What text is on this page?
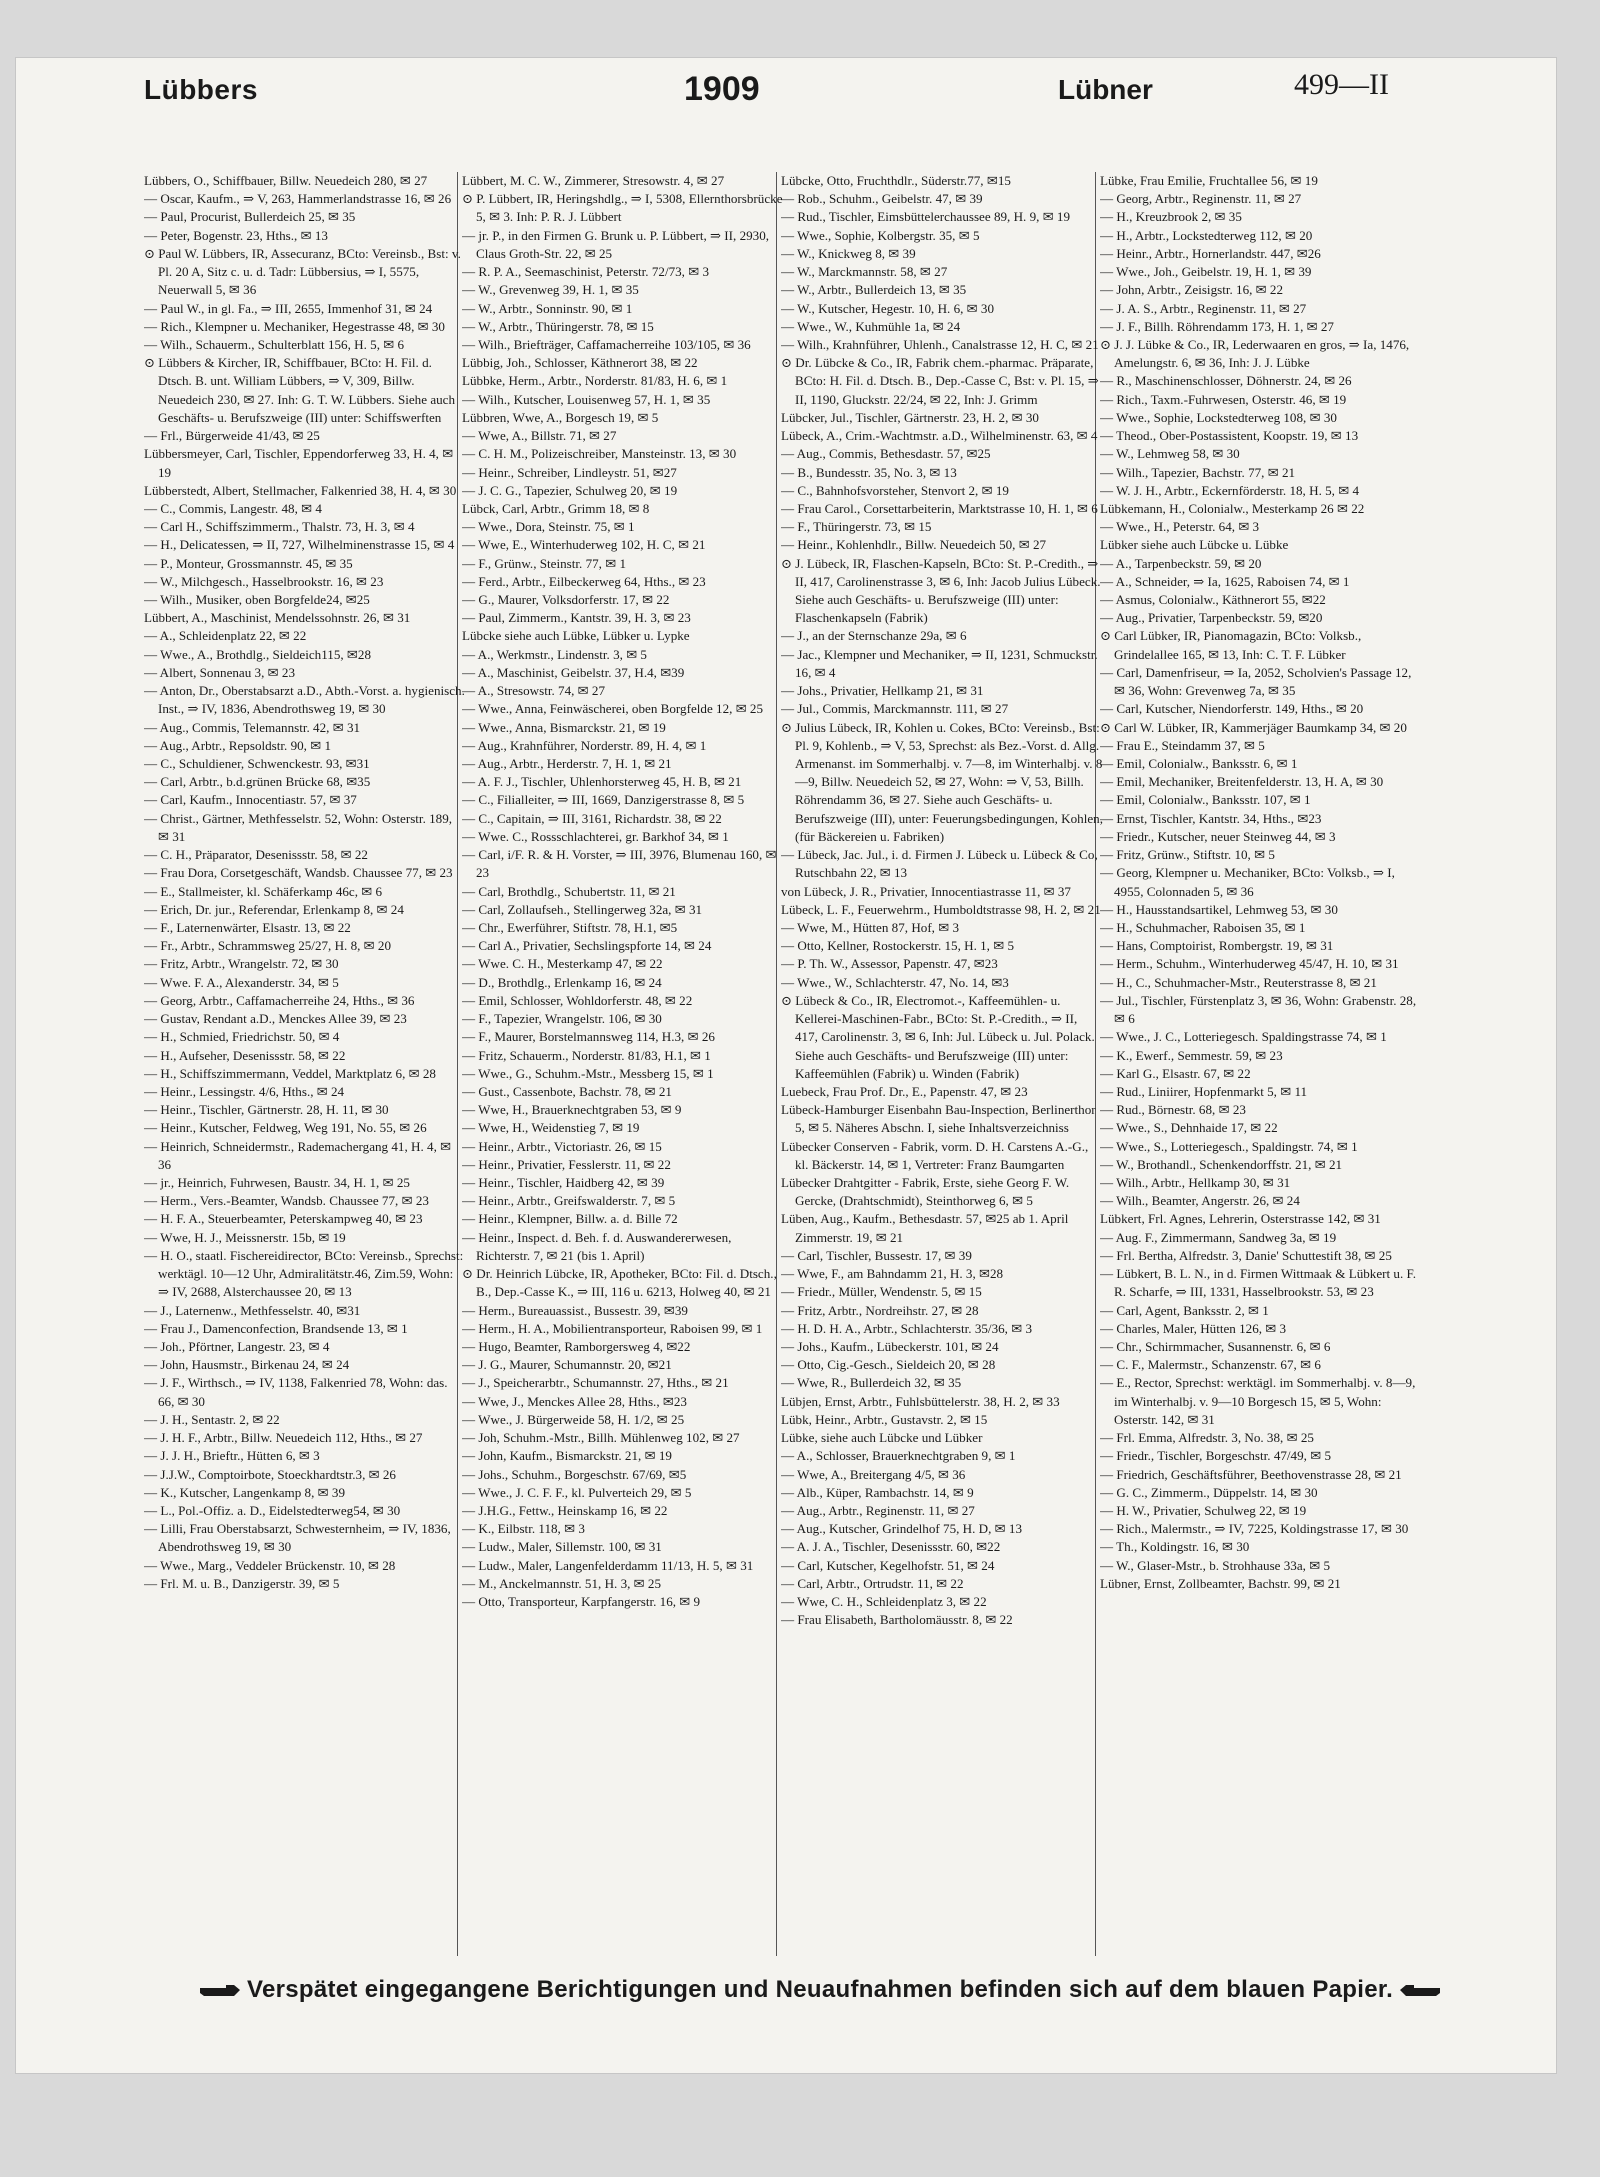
Lübbers	1909	Lübner	499—II

Lübbers, O., Schiffbauer, Billw. Neuedeich 280, ✉ 27

— Oscar, Kaufm., ⇒ V, 263, Hammerlandstrasse 16, ✉ 26

— Paul, Procurist, Bullerdeich 25, ✉ 35

— Peter, Bogenstr. 23, Hths., ✉ 13

⊙ Paul W. Lübbers, IR, Assecuranz, BCto: Vereinsb., Bst: v. Pl. 20 A, Sitz c. u. d. Tadr: Lübbersius, ⇒ I, 5575, Neuerwall 5, ✉ 36

— Paul W., in gl. Fa., ⇒ III, 2655, Immenhof 31, ✉ 24

— Rich., Klempner u. Mechaniker, Hegestrasse 48, ✉ 30

— Wilh., Schauerm., Schulterblatt 156, H. 5, ✉ 6

⊙ Lübbers & Kircher, IR, Schiffbauer, BCto: H. Fil. d. Dtsch. B. unt. William Lübbers, ⇒ V, 309, Billw. Neuedeich 230, ✉ 27. Inh: G. T. W. Lübbers. Siehe auch Geschäfts- u. Berufszweige (III) unter: Schiffswerften

— Frl., Bürgerweide 41/43, ✉ 25

Lübbersmeyer, Carl, Tischler, Eppendorferweg 33, H. 4, ✉ 19

Lübberstedt, Albert, Stellmacher, Falkenried 38, H. 4, ✉ 30

— C., Commis, Langestr. 48, ✉ 4

— Carl H., Schiffszimmerm., Thalstr. 73, H. 3, ✉ 4

— H., Delicatessen, ⇒ II, 727, Wilhelminenstrasse 15, ✉ 4

— P., Monteur, Grossmannstr. 45, ✉ 35

— W., Milchgesch., Hasselbrookstr. 16, ✉ 23

— Wilh., Musiker, oben Borgfelde24, ✉25

Lübbert, A., Maschinist, Mendelssohnstr. 26, ✉ 31

— A., Schleidenplatz 22, ✉ 22

— Wwe., A., Brothdlg., Sieldeich115, ✉28

— Albert, Sonnenau 3, ✉ 23

— Anton, Dr., Oberstabsarzt a.D., Abth.-Vorst. a. hygienisch. Inst., ⇒ IV, 1836, Abendrothsweg 19, ✉ 30

— Aug., Commis, Telemannstr. 42, ✉ 31

— Aug., Arbtr., Repsoldstr. 90, ✉ 1

— C., Schuldiener, Schwenckestr. 93, ✉31

— Carl, Arbtr., b.d.grünen Brücke 68, ✉35

— Carl, Kaufm., Innocentiastr. 57, ✉ 37

— Christ., Gärtner, Methfesselstr. 52, Wohn: Osterstr. 189, ✉ 31

— C. H., Präparator, Desenissstr. 58, ✉ 22

— Frau Dora, Corsetgeschäft, Wandsb. Chaussee 77, ✉ 23

— E., Stallmeister, kl. Schäferkamp 46c, ✉ 6

— Erich, Dr. jur., Referendar, Erlenkamp 8, ✉ 24

— F., Laternenwärter, Elsastr. 13, ✉ 22

— Fr., Arbtr., Schrammsweg 25/27, H. 8, ✉ 20

— Fritz, Arbtr., Wrangelstr. 72, ✉ 30

— Wwe. F. A., Alexanderstr. 34, ✉ 5

— Georg, Arbtr., Caffamacherreihe 24, Hths., ✉ 36

— Gustav, Rendant a.D., Menckes Allee 39, ✉ 23

— H., Schmied, Friedrichstr. 50, ✉ 4

— H., Aufseher, Desenissstr. 58, ✉ 22

— H., Schiffszimmermann, Veddel, Marktplatz 6, ✉ 28

— Heinr., Lessingstr. 4/6, Hths., ✉ 24

— Heinr., Tischler, Gärtnerstr. 28, H. 11, ✉ 30

— Heinr., Kutscher, Feldweg, Weg 191, No. 55, ✉ 26

— Heinrich, Schneidermstr., Rademachergang 41, H. 4, ✉ 36

— jr., Heinrich, Fuhrwesen, Baustr. 34, H. 1, ✉ 25

— Herm., Vers.-Beamter, Wandsb. Chaussee 77, ✉ 23

— H. F. A., Steuerbeamter, Peterskampweg 40, ✉ 23

— Wwe, H. J., Meissnerstr. 15b, ✉ 19

— H. O., staatl. Fischereidirector, BCto: Vereinsb., Sprechst: werktägl. 10—12 Uhr, Admiralitätstr.46, Zim.59, Wohn: ⇒ IV, 2688, Alsterchaussee 20, ✉ 13

— J., Laternenw., Methfesselstr. 40, ✉31

— Frau J., Damenconfection, Brandsende 13, ✉ 1

— Joh., Pförtner, Langestr. 23, ✉ 4

— John, Hausmstr., Birkenau 24, ✉ 24

— J. F., Wirthsch., ⇒ IV, 1138, Falkenried 78, Wohn: das. 66, ✉ 30

— J. H., Sentastr. 2, ✉ 22

— J. H. F., Arbtr., Billw. Neuedeich 112, Hths., ✉ 27

— J. J. H., Brieftr., Hütten 6, ✉ 3

— J.J.W., Comptoirbote, Stoeckhardtstr.3, ✉ 26

— K., Kutscher, Langenkamp 8, ✉ 39

— L., Pol.-Offiz. a. D., Eidelstedterweg54, ✉ 30

— Lilli, Frau Oberstabsarzt, Schwesternheim, ⇒ IV, 1836, Abendrothsweg 19, ✉ 30

— Wwe., Marg., Veddeler Brückenstr. 10, ✉ 28

— Frl. M. u. B., Danzigerstr. 39, ✉ 5

Lübbert, M. C. W., Zimmerer, Stresowstr. 4, ✉ 27

⊙ P. Lübbert, IR, Heringshdlg., ⇒ I, 5308, Ellernthorsbrücke 5, ✉ 3. Inh: P. R. J. Lübbert

— jr. P., in den Firmen G. Brunk u. P. Lübbert, ⇒ II, 2930, Claus Groth-Str. 22, ✉ 25

— R. P. A., Seemaschinist, Peterstr. 72/73, ✉ 3

— W., Grevenweg 39, H. 1, ✉ 35

— W., Arbtr., Sonninstr. 90, ✉ 1

— W., Arbtr., Thüringerstr. 78, ✉ 15

— Wilh., Briefträger, Caffamacherreihe 103/105, ✉ 36

Lübbig, Joh., Schlosser, Käthnerort 38, ✉ 22

Lübbke, Herm., Arbtr., Norderstr. 81/83, H. 6, ✉ 1

— Wilh., Kutscher, Louisenweg 57, H. 1, ✉ 35

Lübbren, Wwe, A., Borgesch 19, ✉ 5

— Wwe, A., Billstr. 71, ✉ 27

— C. H. M., Polizeischreiber, Mansteinstr. 13, ✉ 30

— Heinr., Schreiber, Lindleystr. 51, ✉27

— J. C. G., Tapezier, Schulweg 20, ✉ 19

Lübck, Carl, Arbtr., Grimm 18, ✉ 8

— Wwe., Dora, Steinstr. 75, ✉ 1

— Wwe, E., Winterhuderweg 102, H. C, ✉ 21

— F., Grünw., Steinstr. 77, ✉ 1

— Ferd., Arbtr., Eilbeckerweg 64, Hths., ✉ 23

— G., Maurer, Volksdorferstr. 17, ✉ 22

— Paul, Zimmerm., Kantstr. 39, H. 3, ✉ 23

Lübcke siehe auch Lübke, Lübker u. Lypke

— A., Werkmstr., Lindenstr. 3, ✉ 5

— A., Maschinist, Geibelstr. 37, H.4, ✉39

— A., Stresowstr. 74, ✉ 27

— Wwe., Anna, Feinwäscherei, oben Borgfelde 12, ✉ 25

— Wwe., Anna, Bismarckstr. 21, ✉ 19

— Aug., Krahnführer, Norderstr. 89, H. 4, ✉ 1

— Aug., Arbtr., Herderstr. 7, H. 1, ✉ 21

— A. F. J., Tischler, Uhlenhorsterweg 45, H. B, ✉ 21

— C., Filialleiter, ⇒ III, 1669, Danzigerstrasse 8, ✉ 5

— C., Capitain, ⇒ III, 3161, Richardstr. 38, ✉ 22

— Wwe. C., Rossschlachterei, gr. Barkhof 34, ✉ 1

— Carl, i/F. R. & H. Vorster, ⇒ III, 3976, Blumenau 160, ✉ 23

— Carl, Brothdlg., Schubertstr. 11, ✉ 21

— Carl, Zollaufseh., Stellingerweg 32a, ✉ 31

— Chr., Ewerführer, Stiftstr. 78, H.1, ✉5

— Carl A., Privatier, Sechslingspforte 14, ✉ 24

— Wwe. C. H., Mesterkamp 47, ✉ 22

— D., Brothdlg., Erlenkamp 16, ✉ 24

— Emil, Schlosser, Wohldorferstr. 48, ✉ 22

— F., Tapezier, Wrangelstr. 106, ✉ 30

— F., Maurer, Borstelmannsweg 114, H.3, ✉ 26

— Fritz, Schauerm., Norderstr. 81/83, H.1, ✉ 1

— Wwe., G., Schuhm.-Mstr., Messberg 15, ✉ 1

— Gust., Cassenbote, Bachstr. 78, ✉ 21

— Wwe, H., Brauerknechtgraben 53, ✉ 9

— Wwe, H., Weidenstieg 7, ✉ 19

— Heinr., Arbtr., Victoriastr. 26, ✉ 15

— Heinr., Privatier, Fesslerstr. 11, ✉ 22

— Heinr., Tischler, Haidberg 42, ✉ 39

— Heinr., Arbtr., Greifswalderstr. 7, ✉ 5

— Heinr., Klempner, Billw. a. d. Bille 72

— Heinr., Inspect. d. Beh. f. d. Auswandererwesen, Richterstr. 7, ✉ 21 (bis 1. April)

⊙ Dr. Heinrich Lübcke, IR, Apotheker, BCto: Fil. d. Dtsch., B., Dep.-Casse K., ⇒ III, 116 u. 6213, Holweg 40, ✉ 21

— Herm., Bureauassist., Bussestr. 39, ✉39

— Herm., H. A., Mobilientransporteur, Raboisen 99, ✉ 1

— Hugo, Beamter, Ramborgersweg 4, ✉22

— J. G., Maurer, Schumannstr. 20, ✉21

— J., Speicherarbtr., Schumannstr. 27, Hths., ✉ 21

— Wwe, J., Menckes Allee 28, Hths., ✉23

— Wwe., J. Bürgerweide 58, H. 1/2, ✉ 25

— Joh, Schuhm.-Mstr., Billh. Mühlenweg 102, ✉ 27

— John, Kaufm., Bismarckstr. 21, ✉ 19

— Johs., Schuhm., Borgeschstr. 67/69, ✉5

— Wwe., J. C. F. F., kl. Pulverteich 29, ✉ 5

— J.H.G., Fettw., Heinskamp 16, ✉ 22

— K., Eilbstr. 118, ✉ 3

— Ludw., Maler, Sillemstr. 100, ✉ 31

— Ludw., Maler, Langenfelderdamm 11/13, H. 5, ✉ 31

— M., Anckelmannstr. 51, H. 3, ✉ 25

— Otto, Transporteur, Karpfangerstr. 16, ✉ 9

Lübcke, Otto, Fruchthdlr., Süderstr.77, ✉15

— Rob., Schuhm., Geibelstr. 47, ✉ 39

— Rud., Tischler, Eimsbüttelerchaussee 89, H. 9, ✉ 19

— Wwe., Sophie, Kolbergstr. 35, ✉ 5

— W., Knickweg 8, ✉ 39

— W., Marckmannstr. 58, ✉ 27

— W., Arbtr., Bullerdeich 13, ✉ 35

— W., Kutscher, Hegestr. 10, H. 6, ✉ 30

— Wwe., W., Kuhmühle 1a, ✉ 24

— Wilh., Krahnführer, Uhlenh., Canalstrasse 12, H. C, ✉ 21

⊙ Dr. Lübcke & Co., IR, Fabrik chem.-pharmac. Präparate, BCto: H. Fil. d. Dtsch. B., Dep.-Casse C, Bst: v. Pl. 15, ⇒ II, 1190, Gluckstr. 22/24, ✉ 22, Inh: J. Grimm

Lübcker, Jul., Tischler, Gärtnerstr. 23, H. 2, ✉ 30

Lübeck, A., Crim.-Wachtmstr. a.D., Wilhelminenstr. 63, ✉ 4

— Aug., Commis, Bethesdastr. 57, ✉25

— B., Bundesstr. 35, No. 3, ✉ 13

— C., Bahnhofsvorsteher, Stenvort 2, ✉ 19

— Frau Carol., Corsettarbeiterin, Marktstrasse 10, H. 1, ✉ 6

— F., Thüringerstr. 73, ✉ 15

— Heinr., Kohlenhdlr., Billw. Neuedeich 50, ✉ 27

⊙ J. Lübeck, IR, Flaschen-Kapseln, BCto: St. P.-Credith., ⇒ II, 417, Carolinenstrasse 3, ✉ 6, Inh: Jacob Julius Lübeck. Siehe auch Geschäfts- u. Berufszweige (III) unter: Flaschenkapseln (Fabrik)

— J., an der Sternschanze 29a, ✉ 6

— Jac., Klempner und Mechaniker, ⇒ II, 1231, Schmuckstr. 16, ✉ 4

— Johs., Privatier, Hellkamp 21, ✉ 31

— Jul., Commis, Marckmannstr. 111, ✉ 27

⊙ Julius Lübeck, IR, Kohlen u. Cokes, BCto: Vereinsb., Bst: Pl. 9, Kohlenb., ⇒ V, 53, Sprechst: als Bez.-Vorst. d. Allg. Armenanst. im Sommerhalbj. v. 7—8, im Winterhalbj. v. 8—9, Billw. Neuedeich 52, ✉ 27, Wohn: ⇒ V, 53, Billh. Röhrendamm 36, ✉ 27. Siehe auch Geschäfts- u. Berufszweige (III), unter: Feuerungsbedingungen, Kohlen, (für Bäckereien u. Fabriken)

— Lübeck, Jac. Jul., i. d. Firmen J. Lübeck u. Lübeck & Co, Rutschbahn 22, ✉ 13

von Lübeck, J. R., Privatier, Innocentiastrasse 11, ✉ 37

Lübeck, L. F., Feuerwehrm., Humboldtstrasse 98, H. 2, ✉ 21

— Wwe, M., Hütten 87, Hof, ✉ 3

— Otto, Kellner, Rostockerstr. 15, H. 1, ✉ 5

— P. Th. W., Assessor, Papenstr. 47, ✉23

— Wwe., W., Schlachterstr. 47, No. 14, ✉3

⊙ Lübeck & Co., IR, Electromot.-, Kaffeemühlen- u. Kellerei-Maschinen-Fabr., BCto: St. P.-Credith., ⇒ II, 417, Carolinenstr. 3, ✉ 6, Inh: Jul. Lübeck u. Jul. Polack. Siehe auch Geschäfts- und Berufszweige (III) unter: Kaffeemühlen (Fabrik) u. Winden (Fabrik)

Luebeck, Frau Prof. Dr., E., Papenstr. 47, ✉ 23

Lübeck-Hamburger Eisenbahn Bau-Inspection, Berlinerthor 5, ✉ 5. Näheres Abschn. I, siehe Inhaltsverzeichniss

Lübecker Conserven - Fabrik, vorm. D. H. Carstens A.-G., kl. Bäckerstr. 14, ✉ 1, Vertreter: Franz Baumgarten

Lübecker Drahtgitter - Fabrik, Erste, siehe Georg F. W. Gercke, (Drahtschmidt), Steinthorweg 6, ✉ 5

Lüben, Aug., Kaufm., Bethesdastr. 57, ✉25 ab 1. April Zimmerstr. 19, ✉ 21

— Carl, Tischler, Bussestr. 17, ✉ 39

— Wwe, F., am Bahndamm 21, H. 3, ✉28

— Friedr., Müller, Wendenstr. 5, ✉ 15

— Fritz, Arbtr., Nordreihstr. 27, ✉ 28

— H. D. H. A., Arbtr., Schlachterstr. 35/36, ✉ 3

— Johs., Kaufm., Lübeckerstr. 101, ✉ 24

— Otto, Cig.-Gesch., Sieldeich 20, ✉ 28

— Wwe, R., Bullerdeich 32, ✉ 35

Lübjen, Ernst, Arbtr., Fuhlsbüttelerstr. 38, H. 2, ✉ 33

Lübk, Heinr., Arbtr., Gustavstr. 2, ✉ 15

Lübke, siehe auch Lübcke und Lübker

— A., Schlosser, Brauerknechtgraben 9, ✉ 1

— Wwe, A., Breitergang 4/5, ✉ 36

— Alb., Küper, Rambachstr. 14, ✉ 9

— Aug., Arbtr., Reginenstr. 11, ✉ 27

— Aug., Kutscher, Grindelhof 75, H. D, ✉ 13

— A. J. A., Tischler, Desenissstr. 60, ✉22

— Carl, Kutscher, Kegelhofstr. 51, ✉ 24

— Carl, Arbtr., Ortrudstr. 11, ✉ 22

— Wwe, C. H., Schleidenplatz 3, ✉ 22

— Frau Elisabeth, Bartholomäusstr. 8, ✉ 22

Lübke, Frau Emilie, Fruchtallee 56, ✉ 19

— Georg, Arbtr., Reginenstr. 11, ✉ 27

— H., Kreuzbrook 2, ✉ 35

— H., Arbtr., Lockstedterweg 112, ✉ 20

— Heinr., Arbtr., Hornerlandstr. 447, ✉26

— Wwe., Joh., Geibelstr. 19, H. 1, ✉ 39

— John, Arbtr., Zeisigstr. 16, ✉ 22

— J. A. S., Arbtr., Reginenstr. 11, ✉ 27

— J. F., Billh. Röhrendamm 173, H. 1, ✉ 27

⊙ J. J. Lübke & Co., IR, Lederwaaren en gros, ⇒ Ia, 1476, Amelungstr. 6, ✉ 36, Inh: J. J. Lübke

— R., Maschinenschlosser, Döhnerstr. 24, ✉ 26

— Rich., Taxm.-Fuhrwesen, Osterstr. 46, ✉ 19

— Wwe., Sophie, Lockstedterweg 108, ✉ 30

— Theod., Ober-Postassistent, Koopstr. 19, ✉ 13

— W., Lehmweg 58, ✉ 30

— Wilh., Tapezier, Bachstr. 77, ✉ 21

— W. J. H., Arbtr., Eckernförderstr. 18, H. 5, ✉ 4

Lübkemann, H., Colonialw., Mesterkamp 26 ✉ 22

— Wwe., H., Peterstr. 64, ✉ 3

Lübker siehe auch Lübcke u. Lübke

— A., Tarpenbeckstr. 59, ✉ 20

— A., Schneider, ⇒ Ia, 1625, Raboisen 74, ✉ 1

— Asmus, Colonialw., Käthnerort 55, ✉22

— Aug., Privatier, Tarpenbeckstr. 59, ✉20

⊙ Carl Lübker, IR, Pianomagazin, BCto: Volksb., Grindelallee 165, ✉ 13, Inh: C. T. F. Lübker

— Carl, Damenfriseur, ⇒ Ia, 2052, Scholvien's Passage 12, ✉ 36, Wohn: Grevenweg 7a, ✉ 35

— Carl, Kutscher, Niendorferstr. 149, Hths., ✉ 20

⊙ Carl W. Lübker, IR, Kammerjäger Baumkamp 34, ✉ 20

— Frau E., Steindamm 37, ✉ 5

— Emil, Colonialw., Banksstr. 6, ✉ 1

— Emil, Mechaniker, Breitenfelderstr. 13, H. A, ✉ 30

— Emil, Colonialw., Banksstr. 107, ✉ 1

— Ernst, Tischler, Kantstr. 34, Hths., ✉23

— Friedr., Kutscher, neuer Steinweg 44, ✉ 3

— Fritz, Grünw., Stiftstr. 10, ✉ 5

— Georg, Klempner u. Mechaniker, BCto: Volksb., ⇒ I, 4955, Colonnaden 5, ✉ 36

— H., Hausstandsartikel, Lehmweg 53, ✉ 30

— H., Schuhmacher, Raboisen 35, ✉ 1

— Hans, Comptoirist, Rombergstr. 19, ✉ 31

— Herm., Schuhm., Winterhuderweg 45/47, H. 10, ✉ 31

— H., C., Schuhmacher-Mstr., Reuterstrasse 8, ✉ 21

— Jul., Tischler, Fürstenplatz 3, ✉ 36, Wohn: Grabenstr. 28, ✉ 6

— Wwe., J. C., Lotteriegesch. Spaldingstrasse 74, ✉ 1

— K., Ewerf., Semmestr. 59, ✉ 23

— Karl G., Elsastr. 67, ✉ 22

— Rud., Liniirer, Hopfenmarkt 5, ✉ 11

— Rud., Börnestr. 68, ✉ 23

— Wwe., S., Dehnhaide 17, ✉ 22

— Wwe., S., Lotteriegesch., Spaldingstr. 74, ✉ 1

— W., Brothandl., Schenkendorffstr. 21, ✉ 21

— Wilh., Arbtr., Hellkamp 30, ✉ 31

— Wilh., Beamter, Angerstr. 26, ✉ 24

Lübkert, Frl. Agnes, Lehrerin, Osterstrasse 142, ✉ 31

— Aug. F., Zimmermann, Sandweg 3a, ✉ 19

— Frl. Bertha, Alfredstr. 3, Danie' Schuttestift 38, ✉ 25

— Lübkert, B. L. N., in d. Firmen Wittmaak & Lübkert u. F. R. Scharfe, ⇒ III, 1331, Hasselbrookstr. 53, ✉ 23

— Carl, Agent, Banksstr. 2, ✉ 1

— Charles, Maler, Hütten 126, ✉ 3

— Chr., Schirmmacher, Susannenstr. 6, ✉ 6

— C. F., Malermstr., Schanzenstr. 67, ✉ 6

— E., Rector, Sprechst: werktägl. im Sommerhalbj. v. 8—9, im Winterhalbj. v. 9—10 Borgesch 15, ✉ 5, Wohn: Osterstr. 142, ✉ 31

— Frl. Emma, Alfredstr. 3, No. 38, ✉ 25

— Friedr., Tischler, Borgeschstr. 47/49, ✉ 5

— Friedrich, Geschäftsführer, Beethovenstrasse 28, ✉ 21

— G. C., Zimmerm., Düppelstr. 14, ✉ 30

— H. W., Privatier, Schulweg 22, ✉ 19

— Rich., Malermstr., ⇒ IV, 7225, Koldingstrasse 17, ✉ 30

— Th., Koldingstr. 16, ✉ 30

— W., Glaser-Mstr., b. Strohhause 33a, ✉ 5

Lübner, Ernst, Zollbeamter, Bachstr. 99, ✉ 21

Verspätet eingegangene Berichtigungen und Neuaufnahmen befinden sich auf dem blauen Papier.
